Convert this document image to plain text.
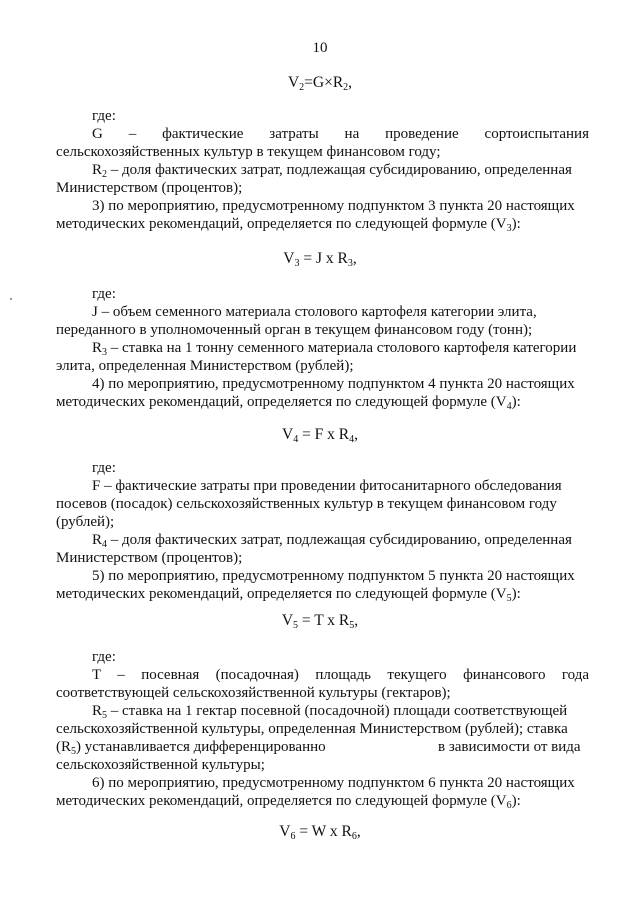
10
$V_2=G\times R_2$,
где:
G – фактические затраты на проведение сортоиспытания
сельскохозяйственных культур в текущем финансовом году;
$R_2$ – доля фактических затрат, подлежащая субсидированию, определенная
Министерством (процентов);
3) по мероприятию, предусмотренному подпунктом 3 пункта 20 настоящих
методических рекомендаций, определяется по следующей формуле $(V_3)$:
$V_3 = J$ x $R_3$,
где:
J – объем семенного материала столового картофеля категории элита,
переданного в уполномоченный орган в текущем финансовом году (тонн);
$R_3$ – ставка на 1 тонну семенного материала столового картофеля категории
элита, определенная Министерством (рублей);
4) по мероприятию, предусмотренному подпунктом 4 пункта 20 настоящих
методических рекомендаций, определяется по следующей формуле $(V_4)$:
$V_4 = F$ x $R_4$,
где:
F – фактические затраты при проведении фитосанитарного обследования
посевов (посадок) сельскохозяйственных культур в текущем финансовом году
(рублей);
$R_4$ – доля фактических затрат, подлежащая субсидированию, определенная
Министерством (процентов);
5) по мероприятию, предусмотренному подпунктом 5 пункта 20 настоящих
методических рекомендаций, определяется по следующей формуле $(V_5)$:
$V_5 = T$ x $R_5$,
где:
T – посевная (посадочная) площадь текущего финансового года
соответствующей сельскохозяйственной культуры (гектаров);
$R_5$ – ставка на 1 гектар посевной (посадочной) площади соответствующей
сельскохозяйственной культуры, определенная Министерством (рублей); ставка
$(R_5)$ устанавливается дифференцированно	в зависимости от вида
сельскохозяйственной культуры;
6) по мероприятию, предусмотренному подпунктом 6 пункта 20 настоящих
методических рекомендаций, определяется по следующей формуле $(V_6)$:
$V_6 = W$ x $R_6$,
